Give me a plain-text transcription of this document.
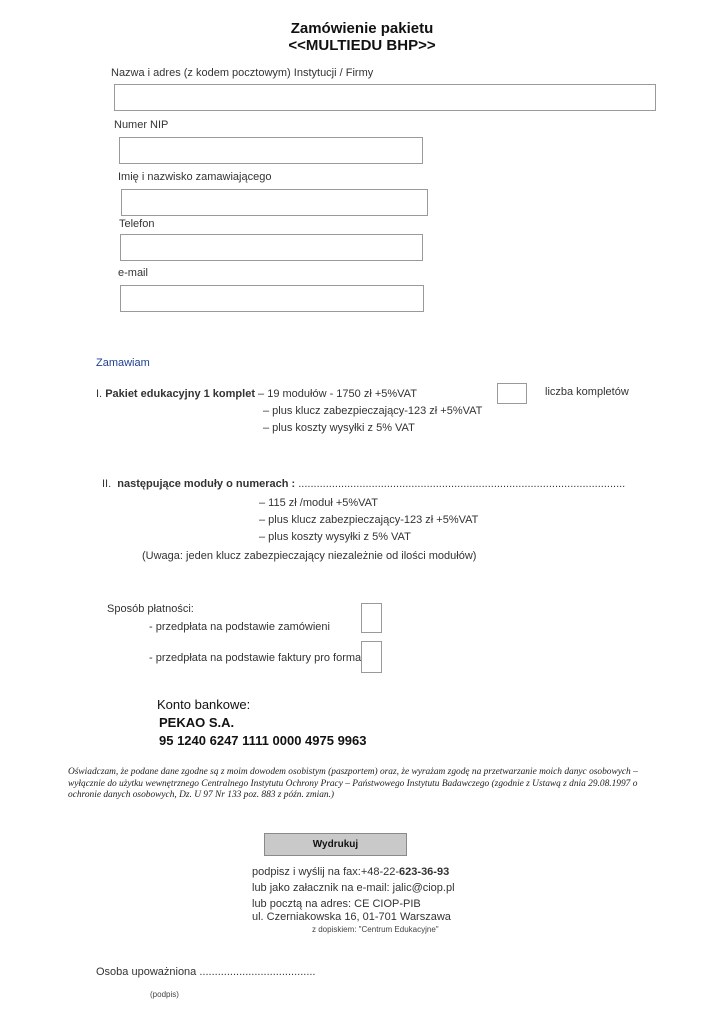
Zamówienie pakietu
<<MULTIEDU BHP>>
Nazwa i adres (z kodem pocztowym) Instytucji / Firmy
Numer NIP
Imię i nazwisko zamawiającego
Telefon
e-mail
Zamawiam
I. Pakiet edukacyjny 1 komplet – 19 modułów - 1750 zł +5%VAT
– plus klucz zabezpieczający-123 zł +5%VAT
– plus koszty wysyłki z 5% VAT
liczba kompletów
II. następujące moduły o numerach : ...........................................................................................................
– 115 zł /moduł +5%VAT
– plus klucz zabezpieczający-123 zł +5%VAT
– plus koszty wysyłki z 5% VAT
(Uwaga: jeden klucz zabezpieczający niezależnie od ilości modułów)
Sposób płatności:
- przedpłata na podstawie zamówieni
- przedpłata na podstawie faktury pro forma
Konto bankowe:
PEKAO S.A.
95 1240 6247 1111 0000 4975 9963
Oświadczam, że podane dane zgodne są z moim dowodem osobistym (paszportem) oraz, że wyrażam zgodę na przetwarzanie moich danyc osobowych – wyłącznie do użytku wewnętrznego Centralnego Instytutu Ochrony Pracy – Państwowego Instytutu Badawczego (zgodnie z Ustawą z dnia 29.08.1997 o ochronie danych osobowych, Dz. U 97 Nr 133 poz. 883 z późn. zmian.)
Wydrukuj
podpisz i wyślij na fax:+48-22-623-36-93
lub jako załacznik na e-mail: jalic@ciop.pl
lub pocztą na adres: CE CIOP-PIB
ul. Czerniakowska 16, 01-701 Warszawa
z dopiskiem: "Centrum Edukacyjne"
Osoba upoważniona ......................................
(podpis)
